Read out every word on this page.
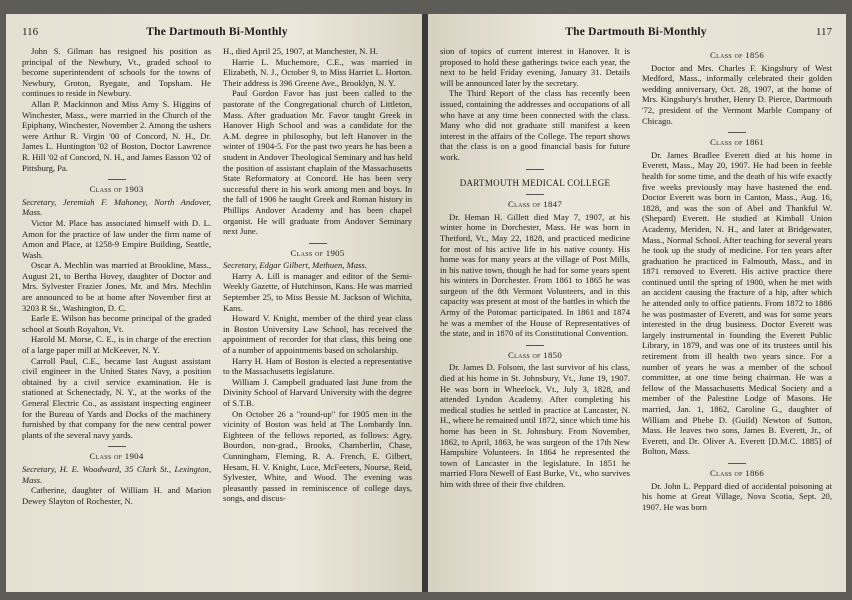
116	The Dartmouth Bi-Monthly

John S. Gilman has resigned his position as principal of the Newbury, Vt., graded school to become superintendent of schools for the towns of Newbury, Groton, Ryegate, and Topsham. He continues to reside in Newbury.

Allan P. Mackinnon and Miss Amy S. Higgins of Winchester, Mass., were married in the Church of the Epiphany, Winchester, November 2. Among the ushers were Arthur R. Virgin '00 of Concord, N. H., Dr. James L. Huntington '02 of Boston, Doctor Lawrence R. Hill '02 of Concord, N. H., and James Easson '02 of Pittsburg, Pa.

Class of 1903

Secretary, Jeremiah F. Mahoney, North Andover, Mass.

Victor M. Place has associated himself with D. L. Amon for the practice of law under the firm name of Amon and Place, at 1258-9 Empire Building, Seattle, Wash.

Oscar A. Mechlin was married at Brookline, Mass., August 21, to Bertha Hovey, daughter of Doctor and Mrs. Sylvester Frazier Jones. Mr. and Mrs. Mechlin are announced to be at home after November first at 3203 R St., Washington, D. C.

Earle E. Wilson has become principal of the graded school at South Royalton, Vt.

Harold M. Morse, C. E., is in charge of the erection of a large paper mill at McKeever, N. Y.

Carroll Paul, C.E., became last August assistant civil engineer in the United States Navy, a position obtained by a civil service examination. He is stationed at Schenectady, N. Y., at the works of the General Electric Co., as assistant inspecting engineer for the Bureau of Yards and Docks of the machinery furnished by that company for the new central power plants of the several navy yards.

Class of 1904

Secretary, H. E. Woodward, 35 Clark St., Lexington, Mass.

Catherine, daughter of William H. and Marion Dewey Slayton of Rochester, N.

H., died April 25, 1907, at Manchester, N. H.

Harrie L. Muchemore, C.E., was married in Elizabeth, N. J., October 9, to Miss Harriet L. Horton. Their address is 396 Greene Ave., Brooklyn, N. Y.

Paul Gordon Favor has just been called to the pastorate of the Congregational church of Littleton, Mass. After graduation Mr. Favor taught Greek in Hanover High School and was a candidate for the A.M. degree in philosophy, but left Hanover in the winter of 1904-5. For the past two years he has been a student in Andover Theological Seminary and has held the position of assistant chaplain of the Massachusetts State Reformatory at Concord. He has been very successful there in his work among men and boys. In the fall of 1906 he taught Greek and Roman history in Phillips Andover Academy and has been chapel organist. He will graduate from Andover Seminary next June.

Class of 1905

Secretary, Edgar Gilbert, Methuen, Mass.

Harry A. Lill is manager and editor of the Semi-Weekly Gazette, of Hutchinson, Kans. He was married September 25, to Miss Bessie M. Jackson of Wichita, Kans.

Howard V. Knight, member of the third year class in Boston University Law School, has received the appointment of recorder for that class, this being one of a number of appointments based on scholarship.

Harry H. Ham of Boston is elected a representative to the Massachusetts legislature.

William J. Campbell graduated last June from the Divinity School of Harvard University with the degree of S.T.B.

On October 26 a "round-up" for 1905 men in the vicinity of Boston was held at The Lombardy Inn. Eighteen of the fellows reported, as follows: Agry, Bourdon, non-grad., Brooks, Chamberlin, Chase, Cunningham, Fleming, R. A. French, E. Gilbert, Hesam, H. V. Knight, Luce, McFeeters, Nourse, Reid, Sylvester, White, and Wood. The evening was pleasantly passed in reminiscence of college days, songs, and discus-

The Dartmouth Bi-Monthly	117

sion of topics of current interest in Hanover. It is proposed to hold these gatherings twice each year, the next to be held Friday evening, January 31. Details will be announced later by the secretary.

The Third Report of the class has recently been issued, containing the addresses and occupations of all who have at any time been connected with the class. Many who did not graduate still manifest a keen interest in the affairs of the College. The report shows that the class is on a good financial basis for future work.

DARTMOUTH MEDICAL COLLEGE
Class of 1847

Dr. Heman H. Gillett died May 7, 1907, at his winter home in Dorchester, Mass. He was born in Thetford, Vt., May 22, 1828, and practiced medicine for most of his active life in his native county. His home was for many years at the village of Post Mills, in his native town, though he had for some years spent his winters in Dorchester. From 1861 to 1865 he was surgeon of the 8th Vermont Volunteers, and in this capacity was present at most of the battles in which the Army of the Potomac participated. In 1861 and 1874 he was a member of the House of Representatives of the state, and in 1870 of its Constitutional Convention.

Class of 1850

Dr. James D. Folsom, the last survivor of his class, died at his home in St. Johnsbury, Vt., June 19, 1907. He was born in Wheelock, Vt., July 3, 1828, and attended Lyndon Academy. After completing his medical studies he settled in practice at Lancaster, N. H., where he remained until 1872, since which time his home has been in St. Johnsbury. From November, 1862, to April, 1863, he was surgeon of the 17th New Hampshire Volunteers. In 1864 he represented the town of Lancaster in the legislature. In 1851 he married Flora Newell of East Burke, Vt., who survives him with three of their five children.

Class of 1856

Doctor and Mrs. Charles F. Kingsbury of West Medford, Mass., informally celebrated their golden wedding anniversary, Oct. 28, 1907, at the home of Mrs. Kingsbury's brother, Henry D. Pierce, Dartmouth '72, president of the Vermont Marble Company of Chicago.

Class of 1861

Dr. James Bradlee Everett died at his home in Everett, Mass., May 20, 1907. He had been in feeble health for some time, and the death of his wife exactly five weeks previously may have hastened the end. Doctor Everett was born in Canton, Mass., Aug. 16, 1828, and was the son of Abel and Thankful W. (Shepard) Everett. He studied at Kimball Union Academy, Meriden, N. H., and later at Bridgewater, Mass., Normal School. After teaching for several years he took up the study of medicine. For ten years after graduation he practiced in Falmouth, Mass., and in 1871 removed to Everett. His active practice there continued until the spring of 1900, when he met with an accident causing the fracture of a hip, after which he attended only to office patients. From 1872 to 1886 he was postmaster of Everett, and was for some years interested in the drug business. Doctor Everett was largely instrumental in founding the Everett Public Library, in 1879, and was one of its trustees until his retirement from ill health two years since. For a number of years he was a member of the school committee, at one time being chairman. He was a fellow of the Massachusetts Medical Society and a member of the Palestine Lodge of Masons. He married, Jan. 1, 1862, Caroline G., daughter of William and Phebe D. (Guild) Newton of Sutton, Mass. He leaves two sons, James B. Everett, Jr., of Everett, and Dr. Oliver A. Everett [D.M.C. 1885] of Bolton, Mass.

Class of 1866

Dr. John L. Peppard died of accidental poisoning at his home at Great Village, Nova Scotia, Sept. 20, 1907. He was born
